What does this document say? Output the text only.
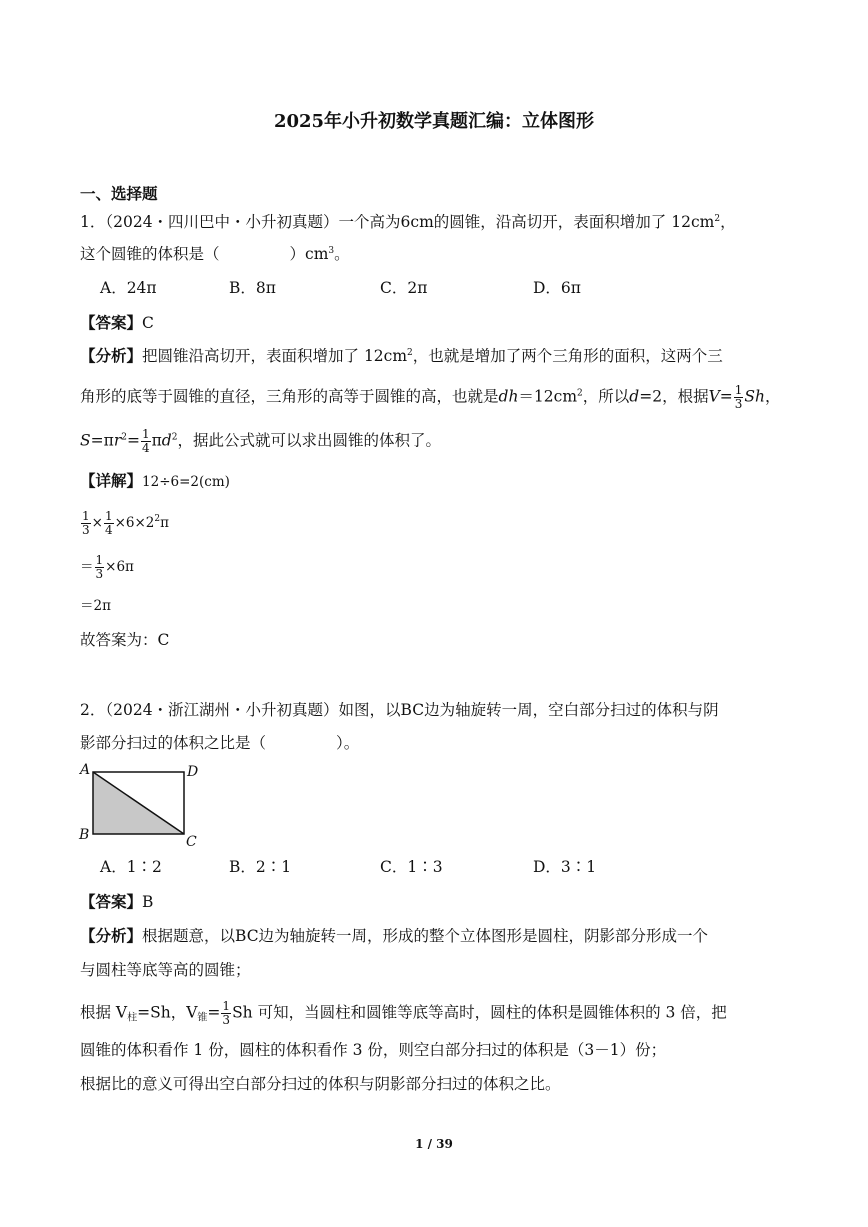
2025年小升初数学真题汇编：立体图形
一、选择题
1．（2024・四川巴中・小升初真题）一个高为6cm的圆锥，沿高切开，表面积增加了 $12cm^2$，
这个圆锥的体积是（	）$cm^3$。
A．24π	B．8π	C．2π	D．6π
【答案】C
【分析】把圆锥沿高切开，表面积增加了 $12cm^2$，也就是增加了两个三角形的面积，这两个三
角形的底等于圆锥的直径，三角形的高等于圆锥的高，也就是$dh=12cm^2$，所以d=2，根据$V= \frac{1}{3}$ Sh，
$S=\pi r^2= \frac{1}{4} \pi d^2$，据此公式就可以求出圆锥的体积了。
【详解】12÷6=2(cm)
$\frac{1}{3} \times \frac{1}{4} \times 6\times 2^2\pi$
＝ $\frac{1}{3} \times 6\pi$
＝2π
故答案为：C
2．（2024・浙江湖州・小升初真题）如图，以BC边为轴旋转一周，空白部分扫过的体积与阴
影部分扫过的体积之比是（	）。
A	D
B	C
A．1∶2	B．2∶1	C．1∶3	D．3∶1
【答案】B
【分析】根据题意，以BC边为轴旋转一周，形成的整个立体图形是圆柱，阴影部分形成一个
与圆柱等底等高的圆锥；
根据 $V_柱=Sh$，$V_锥= \frac{1}{3}$ Sh 可知，当圆柱和圆锥等底等高时，圆柱的体积是圆锥体积的 3 倍，把
圆锥的体积看作 1 份，圆柱的体积看作 3 份，则空白部分扫过的体积是（3－1）份；
根据比的意义可得出空白部分扫过的体积与阴影部分扫过的体积之比。
1 / 39
